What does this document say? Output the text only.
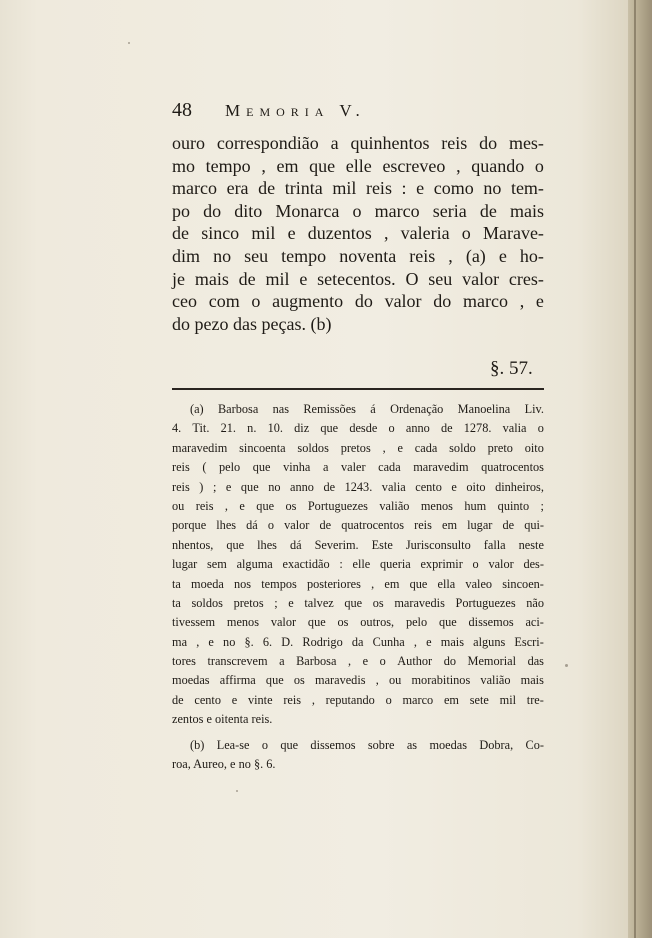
48 Memoria V.
ouro correspondião a quinhentos reis do mes-
mo tempo , em que elle escreveo , quando o
marco era de trinta mil reis : e como no tem-
po do dito Monarca o marco seria de mais
de sinco mil e duzentos , valeria o Marave-
dim no seu tempo noventa reis , (a) e ho-
je mais de mil e setecentos. O seu valor cres-
ceo com o augmento do valor do marco , e
do pezo das peças. (b)
§. 57.
(a) Barbosa nas Remissões á Ordenação Manoelina Liv.
4. Tit. 21. n. 10. diz que desde o anno de 1278. valia o
maravedim sincoenta soldos pretos , e cada soldo preto oito
reis ( pelo que vinha a valer cada maravedim quatrocentos
reis ) ; e que no anno de 1243. valia cento e oito dinheiros,
ou reis , e que os Portuguezes valião menos hum quinto ;
porque lhes dá o valor de quatrocentos reis em lugar de qui-
nhentos, que lhes dá Severim. Este Jurisconsulto falla neste
lugar sem alguma exactidão : elle queria exprimir o valor des-
ta moeda nos tempos posteriores , em que ella valeo sincoen-
ta soldos pretos ; e talvez que os maravedis Portuguezes não
tivessem menos valor que os outros, pelo que dissemos aci-
ma , e no §. 6. D. Rodrigo da Cunha , e mais alguns Escri-
tores transcrevem a Barbosa , e o Author do Memorial das
moedas affirma que os maravedis , ou morabitinos valião mais
de cento e vinte reis , reputando o marco em sete mil tre-
zentos e oitenta reis.
(b) Lea-se o que dissemos sobre as moedas Dobra, Co-
roa, Aureo, e no §. 6.
